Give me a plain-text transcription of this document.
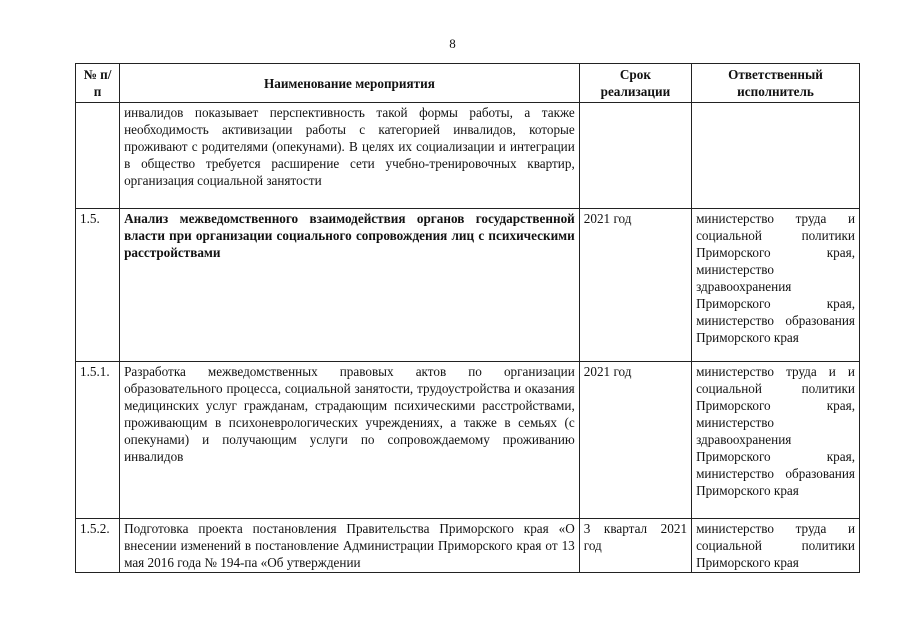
8
№ п/п	Наименование мероприятия	Срок реализации	Ответственный исполнитель
	инвалидов показывает перспективность такой формы работы, а также необходимость активизации работы с категорией инвалидов, которые проживают с родителями (опекунами). В целях их социализации и интеграции в общество требуется расширение сети учебно-тренировочных квартир, организация социальной занятости		
1.5.	Анализ межведомственного взаимодействия органов государственной власти при организации социального сопровождения лиц с психическими расстройствами	2021 год	министерство труда и социальной политики Приморского края, министерство здравоохранения Приморского края, министерство образования Приморского края
1.5.1.	Разработка межведомственных правовых актов по организации образовательного процесса, социальной занятости, трудоустройства и оказания медицинских услуг гражданам, страдающим психическими расстройствами, проживающим в психоневрологических учреждениях, а также в семьях (с опекунами) и получающим услуги по сопровождаемому проживанию инвалидов	2021 год	министерство труда и и социальной политики Приморского края, министерство здравоохранения Приморского края, министерство образования Приморского края
1.5.2.	Подготовка проекта постановления Правительства Приморского края «О внесении изменений в постановление Администрации Приморского края от 13 мая 2016 года № 194-па «Об утверждении	3 квартал 2021 год	министерство труда и социальной политики Приморского края
